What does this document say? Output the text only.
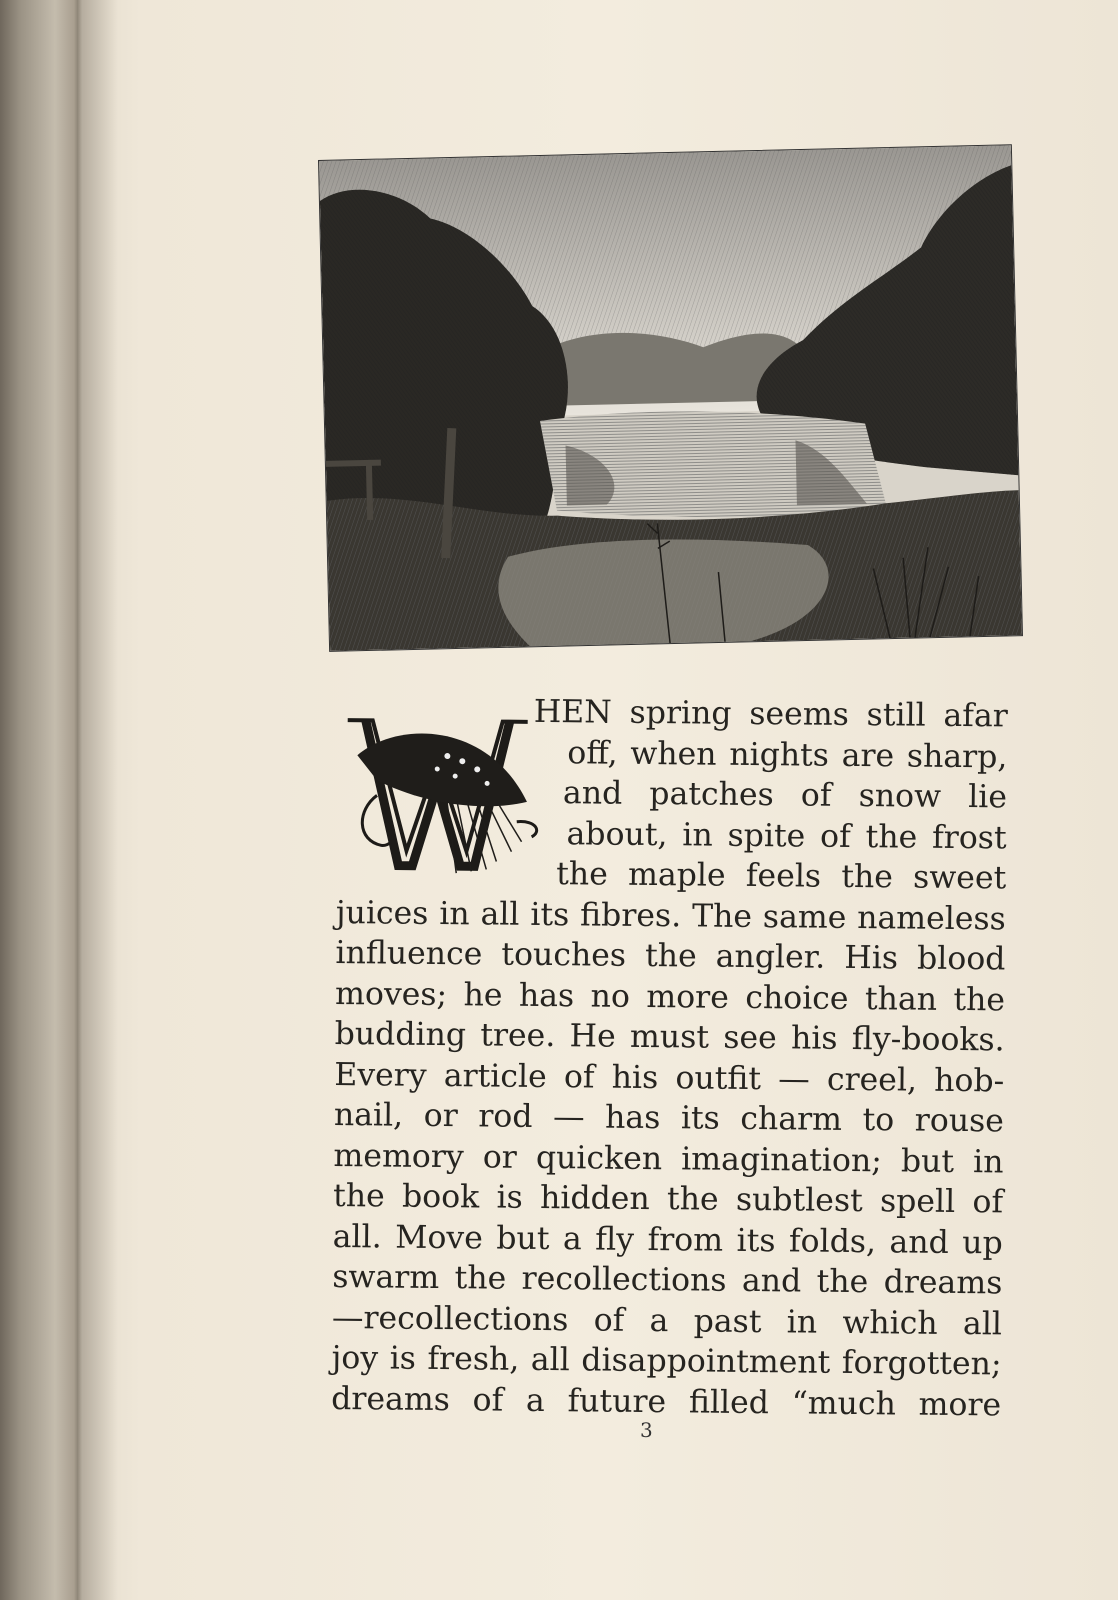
HEN spring seems still afar
off, when nights are sharp,
and patches of snow lie
about, in spite of the frost
the maple feels the sweet
juices in all its fibres. The same nameless
influence touches the angler. His blood
moves; he has no more choice than the
budding tree. He must see his fly-books.
Every article of his outfit — creel, hob-
nail, or rod — has its charm to rouse
memory or quicken imagination; but in
the book is hidden the subtlest spell of
all. Move but a fly from its folds, and up
swarm the recollections and the dreams
—recollections of a past in which all
joy is fresh, all disappointment forgotten;
dreams of a future filled “much more
3
